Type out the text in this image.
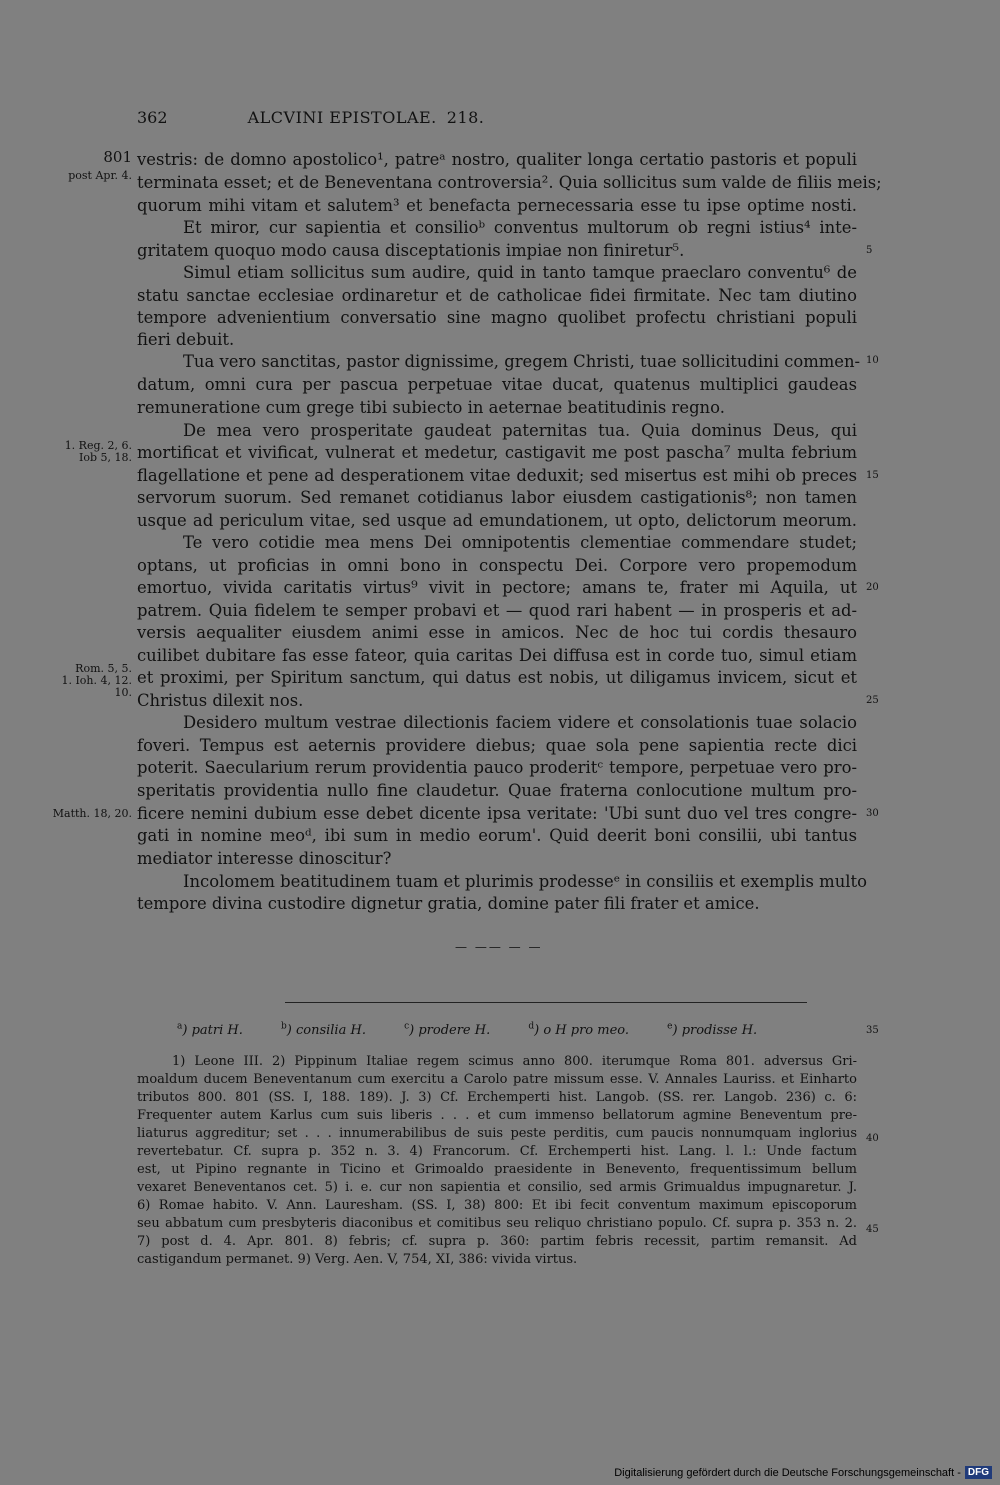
362	ALCVINI EPISTOLAE. 218.
801
post Apr. 4.
1. Reg. 2, 6.
Iob 5, 18.
Rom. 5, 5.
1. Ioh. 4, 12.
10.
Matth. 18, 20.
5
10
15
20
25
30
35
40
45
vestris: de domno apostolico¹, patreᵃ nostro, qualiter longa certatio pastoris et populi
terminata esset; et de Beneventana controversia². Quia sollicitus sum valde de filiis meis;
quorum mihi vitam et salutem³ et benefacta pernecessaria esse tu ipse optime nosti.
Et miror, cur sapientia et consilioᵇ conventus multorum ob regni istius⁴ inte-
gritatem quoquo modo causa disceptationis impiae non finiretur⁵.
Simul etiam sollicitus sum audire, quid in tanto tamque praeclaro conventu⁶ de
statu sanctae ecclesiae ordinaretur et de catholicae fidei firmitate. Nec tam diutino
tempore advenientium conversatio sine magno quolibet profectu christiani populi
fieri debuit.
Tua vero sanctitas, pastor dignissime, gregem Christi, tuae sollicitudini commen-
datum, omni cura per pascua perpetuae vitae ducat, quatenus multiplici gaudeas
remuneratione cum grege tibi subiecto in aeternae beatitudinis regno.
De mea vero prosperitate gaudeat paternitas tua. Quia dominus Deus, qui
mortificat et vivificat, vulnerat et medetur, castigavit me post pascha⁷ multa febrium
flagellatione et pene ad desperationem vitae deduxit; sed misertus est mihi ob preces
servorum suorum. Sed remanet cotidianus labor eiusdem castigationis⁸; non tamen
usque ad periculum vitae, sed usque ad emundationem, ut opto, delictorum meorum.
Te vero cotidie mea mens Dei omnipotentis clementiae commendare studet;
optans, ut proficias in omni bono in conspectu Dei. Corpore vero propemodum
emortuo, vivida caritatis virtus⁹ vivit in pectore; amans te, frater mi Aquila, ut
patrem. Quia fidelem te semper probavi et — quod rari habent — in prosperis et ad-
versis aequaliter eiusdem animi esse in amicos. Nec de hoc tui cordis thesauro
cuilibet dubitare fas esse fateor, quia caritas Dei diffusa est in corde tuo, simul etiam
et proximi, per Spiritum sanctum, qui datus est nobis, ut diligamus invicem, sicut et
Christus dilexit nos.
Desidero multum vestrae dilectionis faciem videre et consolationis tuae solacio
foveri. Tempus est aeternis providere diebus; quae sola pene sapientia recte dici
poterit. Saecularium rerum providentia pauco proderitᶜ tempore, perpetuae vero pro-
speritatis providentia nullo fine claudetur. Quae fraterna conlocutione multum pro-
ficere nemini dubium esse debet dicente ipsa veritate: 'Ubi sunt duo vel tres congre-
gati in nomine meoᵈ, ibi sum in medio eorum'. Quid deerit boni consilii, ubi tantus
mediator interesse dinoscitur?
Incolomem beatitudinem tuam et plurimis prodesseᵉ in consiliis et exemplis multo
tempore divina custodire dignetur gratia, domine pater fili frater et amice.
— —— — —
$^a$) patri H.	$^b$) consilia H.	$^c$) prodere H.	$^d$) o H pro meo.	$^e$) prodisse H.
1) Leone III. 2) Pippinum Italiae regem scimus anno 800. iterumque Roma 801. adversus Gri-
moaldum ducem Beneventanum cum exercitu a Carolo patre missum esse. V. Annales Lauriss. et Einharto
tributos 800. 801 (SS. I, 188. 189). J. 3) Cf. Erchemperti hist. Langob. (SS. rer. Langob. 236) c. 6:
Frequenter autem Karlus cum suis liberis . . . et cum immenso bellatorum agmine Beneventum pre-
liaturus aggreditur; set . . . innumerabilibus de suis peste perditis, cum paucis nonnumquam inglorius
revertebatur. Cf. supra p. 352 n. 3. 4) Francorum. Cf. Erchemperti hist. Lang. l. l.: Unde factum
est, ut Pipino regnante in Ticino et Grimoaldo praesidente in Benevento, frequentissimum bellum
vexaret Beneventanos cet. 5) i. e. cur non sapientia et consilio, sed armis Grimualdus impugnaretur. J.
6) Romae habito. V. Ann. Lauresham. (SS. I, 38) 800: Et ibi fecit conventum maximum episcoporum
seu abbatum cum presbyteris diaconibus et comitibus seu reliquo christiano populo. Cf. supra p. 353 n. 2.
7) post d. 4. Apr. 801. 8) febris; cf. supra p. 360: partim febris recessit, partim remansit. Ad
castigandum permanet. 9) Verg. Aen. V, 754, XI, 386: vivida virtus.
Digitalisierung gefördert durch die Deutsche Forschungsgemeinschaft - DFG
